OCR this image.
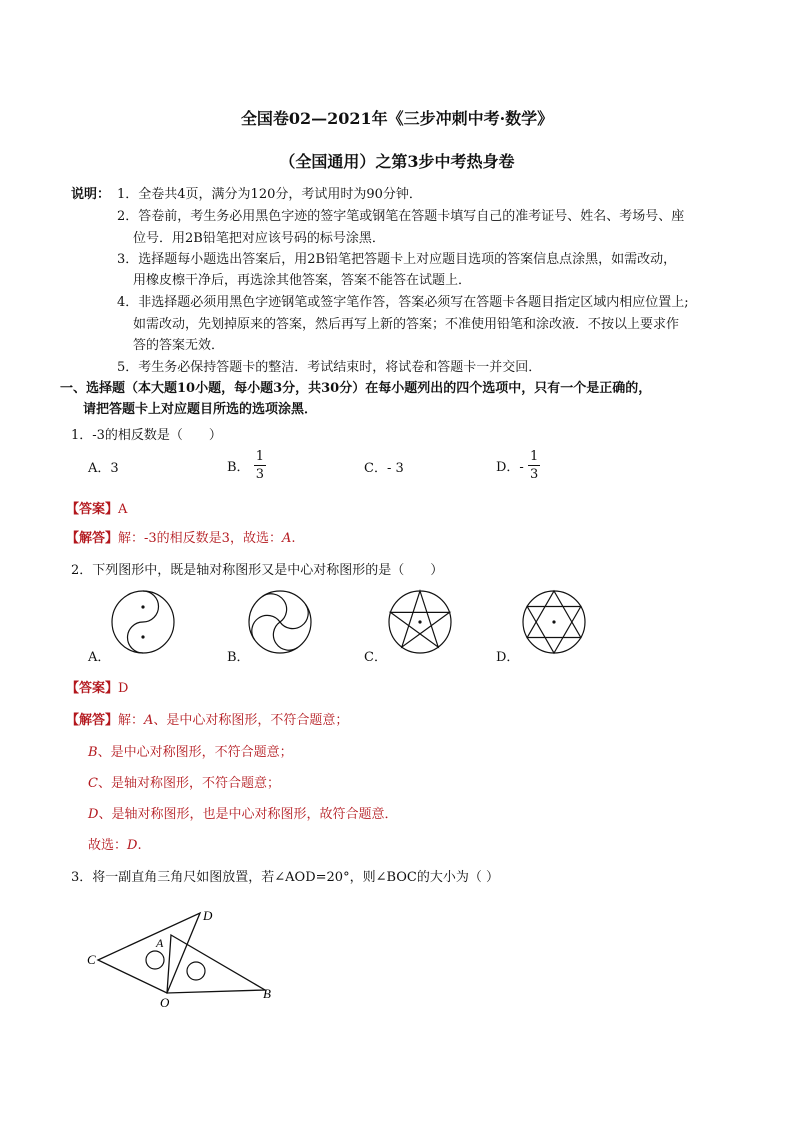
全国卷02—2021年《三步冲刺中考·数学》
（全国通用）之第3步中考热身卷
说明： 1．全卷共4页，满分为120分，考试用时为90分钟．
2．答卷前，考生务必用黑色字迹的签字笔或钢笔在答题卡填写自己的准考证号、姓名、考场号、座
位号．用2B铅笔把对应该号码的标号涂黑．
3．选择题每小题选出答案后，用2B铅笔把答题卡上对应题目选项的答案信息点涂黑，如需改动，
用橡皮檫干净后，再选涂其他答案，答案不能答在试题上．
4．非选择题必须用黑色字迹钢笔或签字笔作答，答案必须写在答题卡各题目指定区域内相应位置上;
如需改动，先划掉原来的答案，然后再写上新的答案；不准使用铅笔和涂改液．不按以上要求作
答的答案无效．
5．考生务必保持答题卡的整洁．考试结束时，将试卷和答题卡一并交回．
一、选择题（本大题10小题，每小题3分，共30分）在每小题列出的四个选项中，只有一个是正确的，
请把答题卡上对应题目所选的选项涂黑．
1．-3的相反数是（　　）
A．3	B． $\frac{1}{3}$	C．- 3	D．- $\frac{1}{3}$
【答案】A
【解答】解：-3的相反数是3，故选：A.
2．下列图形中，既是轴对称图形又是中心对称图形的是（　　）
A．	B．	C．	D．
【答案】D
【解答】解：A、是中心对称图形，不符合题意；
B、是中心对称图形，不符合题意；
C、是轴对称图形，不符合题意；
D、是轴对称图形，也是中心对称图形，故符合题意．
故选：D.
3．将一副直角三角尺如图放置，若∠AOD=20°，则∠BOC的大小为（ ）
D
A
C
O
B
